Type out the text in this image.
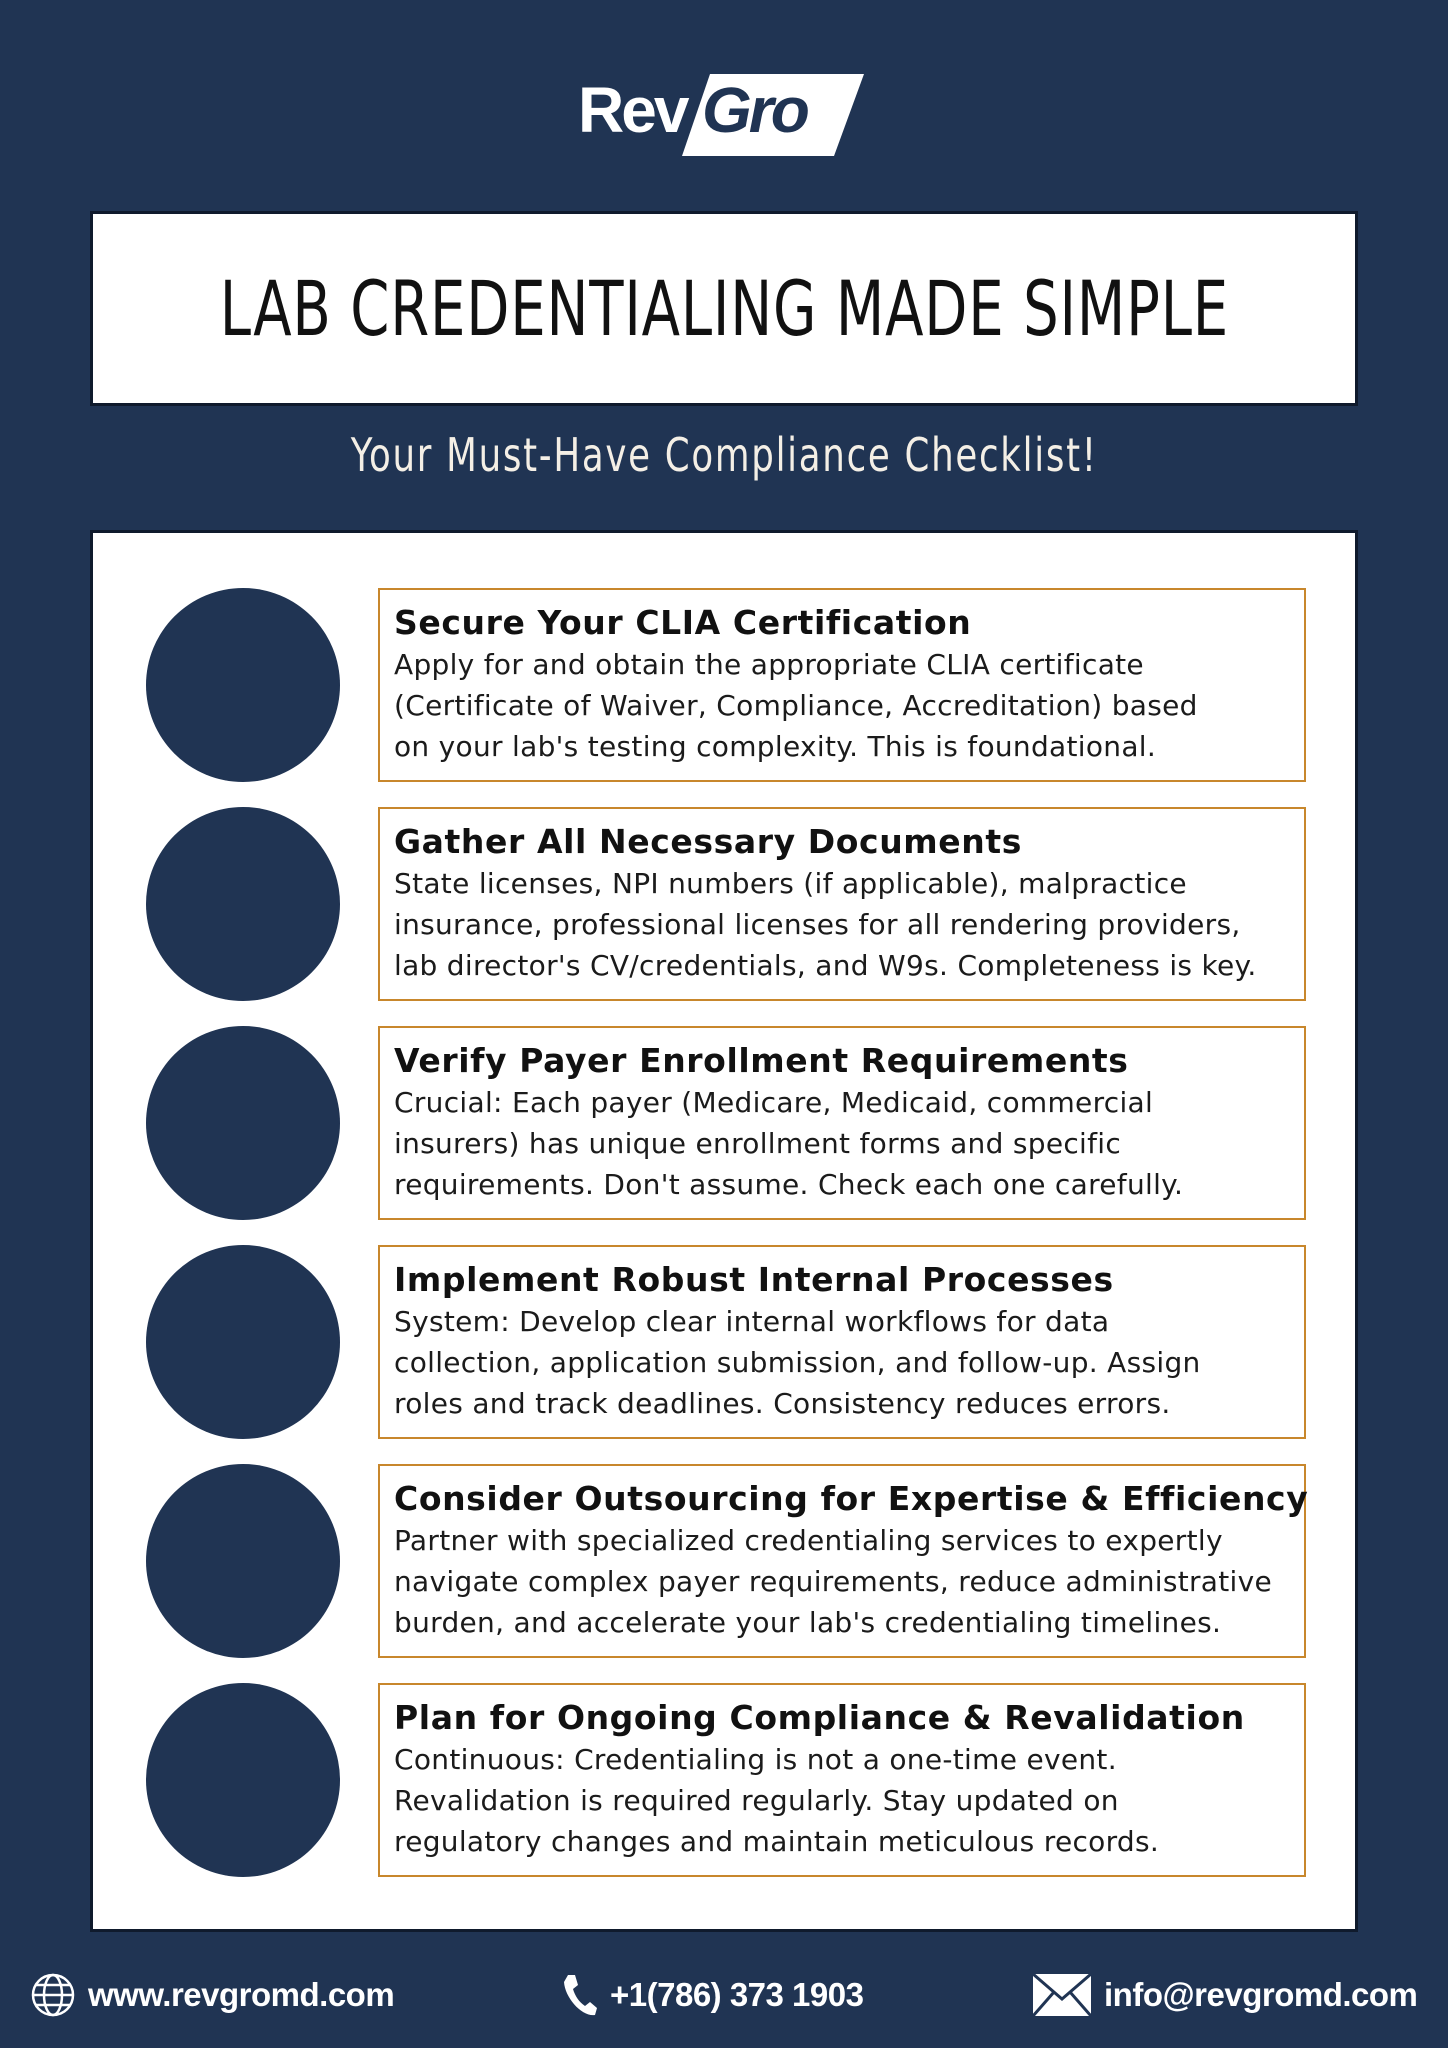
Rev Gro
LAB CREDENTIALING MADE SIMPLE
Your Must-Have Compliance Checklist!
Secure Your CLIA Certification
Apply for and obtain the appropriate CLIA certificate
(Certificate of Waiver, Compliance, Accreditation) based
on your lab's testing complexity. This is foundational.
Gather All Necessary Documents
State licenses, NPI numbers (if applicable), malpractice
insurance, professional licenses for all rendering providers,
lab director's CV/credentials, and W9s. Completeness is key.
Verify Payer Enrollment Requirements
Crucial: Each payer (Medicare, Medicaid, commercial
insurers) has unique enrollment forms and specific
requirements. Don't assume. Check each one carefully.
Implement Robust Internal Processes
System: Develop clear internal workflows for data
collection, application submission, and follow-up. Assign
roles and track deadlines. Consistency reduces errors.
Consider Outsourcing for Expertise & Efficiency
Partner with specialized credentialing services to expertly
navigate complex payer requirements, reduce administrative
burden, and accelerate your lab's credentialing timelines.
Plan for Ongoing Compliance & Revalidation
Continuous: Credentialing is not a one-time event.
Revalidation is required regularly. Stay updated on
regulatory changes and maintain meticulous records.
www.revgromd.com	+1(786) 373 1903	info@revgromd.com
